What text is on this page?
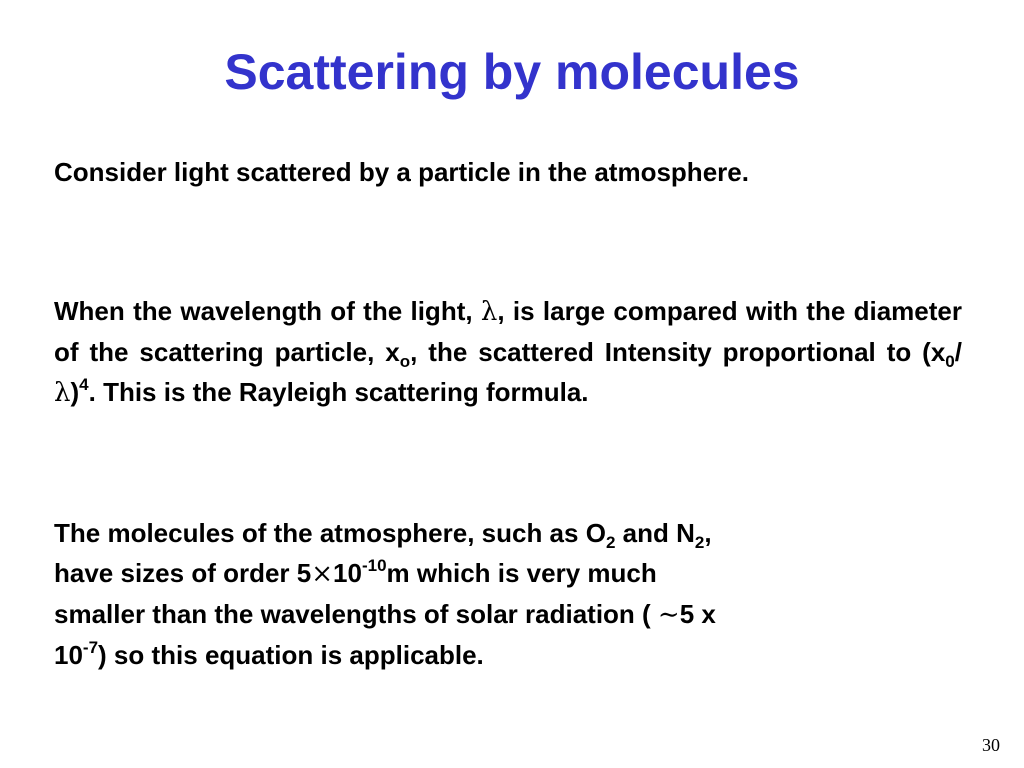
Scattering by molecules

Consider light scattered by a particle in the atmosphere.

When the wavelength of the light, λ, is large compared with the diameter of the scattering particle, $x_o$, the scattered Intensity proportional to ($x_0/$ λ)$^4$. This is the Rayleigh scattering formula.

The molecules of the atmosphere, such as $O_2$ and $N_2$,
have sizes of order $5\times 10^{-10}m$ which is very much
smaller than the wavelengths of solar radiation ( ∼5 x
$10^{-7}$) so this equation is applicable.

30
